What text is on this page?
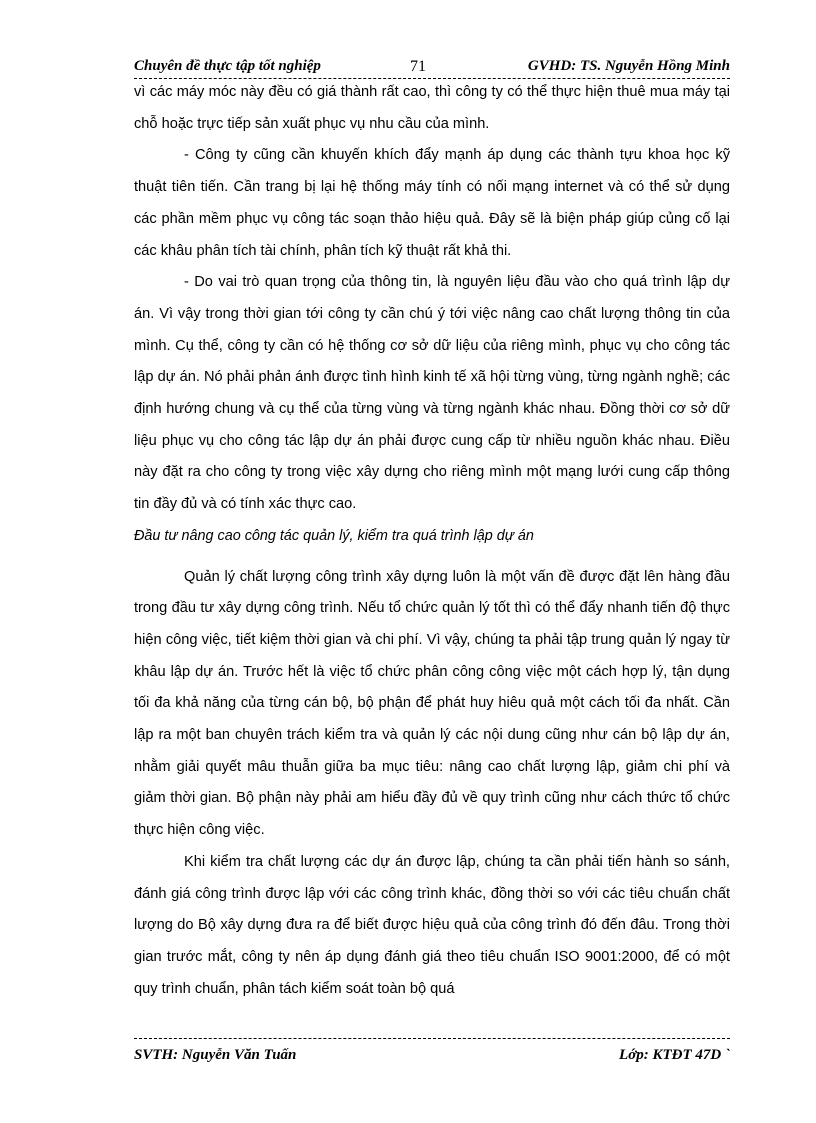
Chuyên đề thực tập tốt nghiệp	71	GVHD: TS. Nguyễn Hồng Minh

vì các máy móc này đều có giá thành rất cao, thì công ty có thể thực hiện thuê mua máy tại chỗ hoặc trực tiếp sản xuất phục vụ nhu cầu của mình.

- Công ty cũng cần khuyến khích đẩy mạnh áp dụng các thành tựu khoa học kỹ thuật tiên tiến. Cần trang bị lại hệ thống máy tính có nối mạng internet và có thể sử dụng các phần mềm phục vụ công tác soạn thảo hiệu quả. Đây sẽ là biện pháp giúp củng cố lại các khâu phân tích tài chính, phân tích kỹ thuật rất khả thi.

- Do vai trò quan trọng của thông tin, là nguyên liệu đầu vào cho quá trình lập dự án. Vì vậy trong thời gian tới công ty cần chú ý tới việc nâng cao chất lượng thông tin của mình. Cụ thể, công ty cần có hệ thống cơ sở dữ liệu của riêng mình, phục vụ cho công tác lập dự án. Nó phải phản ánh được tình hình kinh tế xã hội từng vùng, từng ngành nghề; các định hướng chung và cụ thể của từng vùng và từng ngành khác nhau. Đồng thời cơ sở dữ liệu phục vụ cho công tác lập dự án phải được cung cấp từ nhiều nguồn khác nhau. Điều này đặt ra cho công ty trong việc xây dựng cho riêng mình một mạng lưới cung cấp thông tin đầy đủ và có tính xác thực cao.

Đầu tư nâng cao công tác quản lý, kiểm tra quá trình lập dự án

Quản lý chất lượng công trình xây dựng luôn là một vấn đề được đặt lên hàng đầu trong đầu tư xây dựng công trình. Nếu tổ chức quản lý tốt thì có thể đẩy nhanh tiến độ thực hiện công việc, tiết kiệm thời gian và chi phí. Vì vậy, chúng ta phải tập trung quản lý ngay từ khâu lập dự án. Trước hết là việc tổ chức phân công công việc một cách hợp lý, tận dụng tối đa khả năng của từng cán bộ, bộ phận để phát huy hiêu quả một cách tối đa nhất. Cần lập ra một ban chuyên trách kiểm tra và quản lý các nội dung cũng như cán bộ lập dự án, nhằm giải quyết mâu thuẫn giữa ba mục tiêu: nâng cao chất lượng lập, giảm chi phí và giảm thời gian. Bộ phận này phải am hiểu đầy đủ về quy trình cũng như cách thức tổ chức thực hiện công việc.

Khi kiểm tra chất lượng các dự án được lập, chúng ta cần phải tiến hành so sánh, đánh giá công trình được lập với các công trình khác, đồng thời so với các tiêu chuẩn chất lượng do Bộ xây dựng đưa ra để biết được hiệu quả của công trình đó đến đâu. Trong thời gian trước mắt, công ty nên áp dụng đánh giá theo tiêu chuẩn ISO 9001:2000, để có một quy trình chuẩn, phân tách kiểm soát toàn bộ quá

SVTH: Nguyễn Văn Tuấn	Lớp: KTĐT 47D `
